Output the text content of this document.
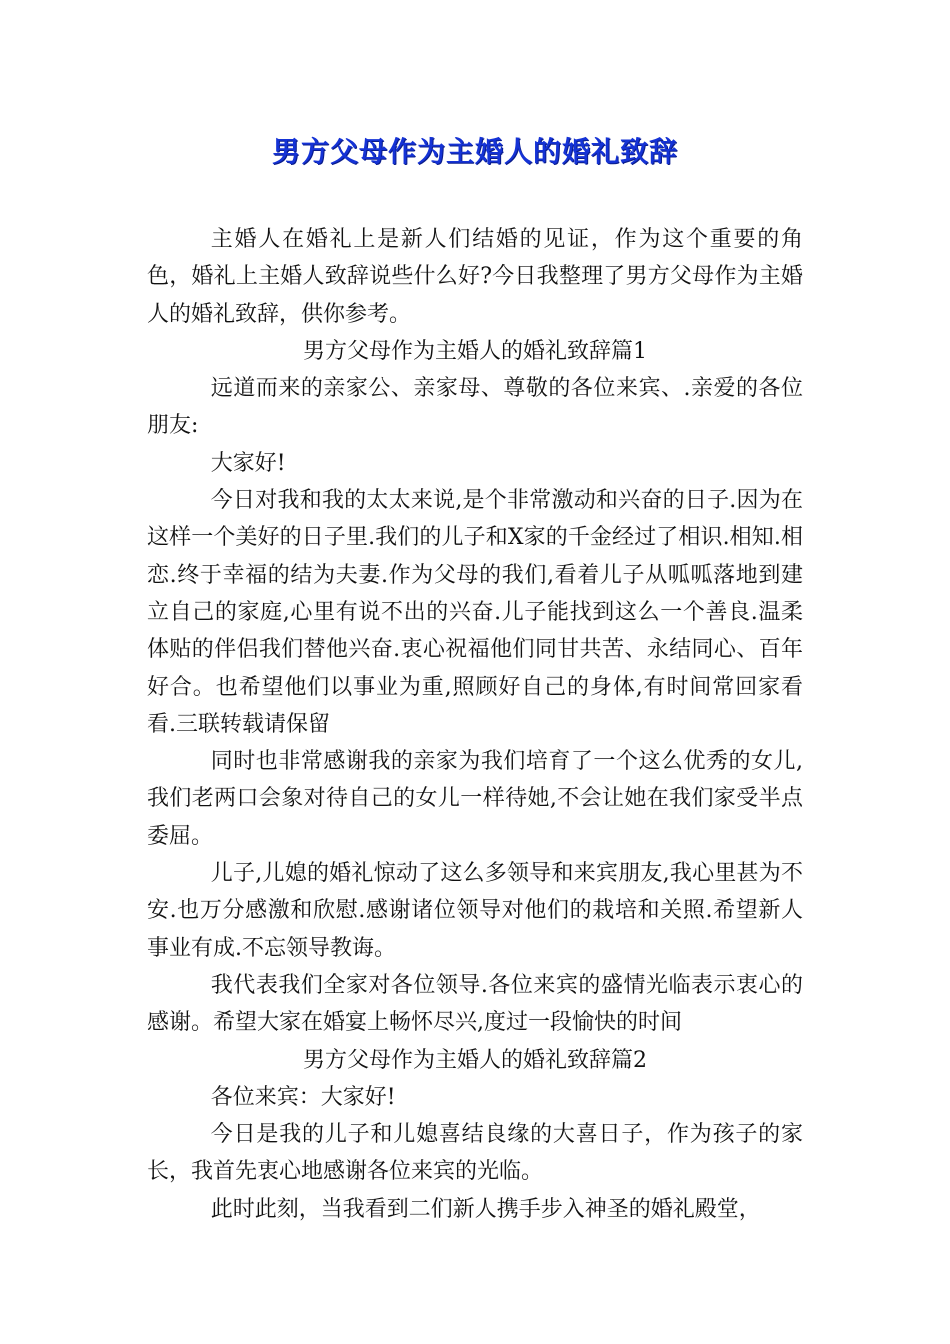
男方父母作为主婚人的婚礼致辞

主婚人在婚礼上是新人们结婚的见证，作为这个重要的角色，婚礼上主婚人致辞说些什么好?今日我整理了男方父母作为主婚人的婚礼致辞，供你参考。

男方父母作为主婚人的婚礼致辞篇1

远道而来的亲家公、亲家母、尊敬的各位来宾、.亲爱的各位朋友:

大家好!

今日对我和我的太太来说,是个非常激动和兴奋的日子.因为在这样一个美好的日子里.我们的儿子和X家的千金经过了相识.相知.相恋.终于幸福的结为夫妻.作为父母的我们,看着儿子从呱呱落地到建立自己的家庭,心里有说不出的兴奋.儿子能找到这么一个善良.温柔体贴的伴侣我们替他兴奋.衷心祝福他们同甘共苦、永结同心、百年好合。也希望他们以事业为重,照顾好自己的身体,有时间常回家看看.三联转载请保留

同时也非常感谢我的亲家为我们培育了一个这么优秀的女儿,我们老两口会象对待自己的女儿一样待她,不会让她在我们家受半点委屈。

儿子,儿媳的婚礼惊动了这么多领导和来宾朋友,我心里甚为不安.也万分感激和欣慰.感谢诸位领导对他们的栽培和关照.希望新人事业有成.不忘领导教诲。

我代表我们全家对各位领导.各位来宾的盛情光临表示衷心的感谢。希望大家在婚宴上畅怀尽兴,度过一段愉快的时间

男方父母作为主婚人的婚礼致辞篇2

各位来宾：大家好!

今日是我的儿子和儿媳喜结良缘的大喜日子，作为孩子的家长，我首先衷心地感谢各位来宾的光临。

此时此刻，当我看到二们新人携手步入神圣的婚礼殿堂，
